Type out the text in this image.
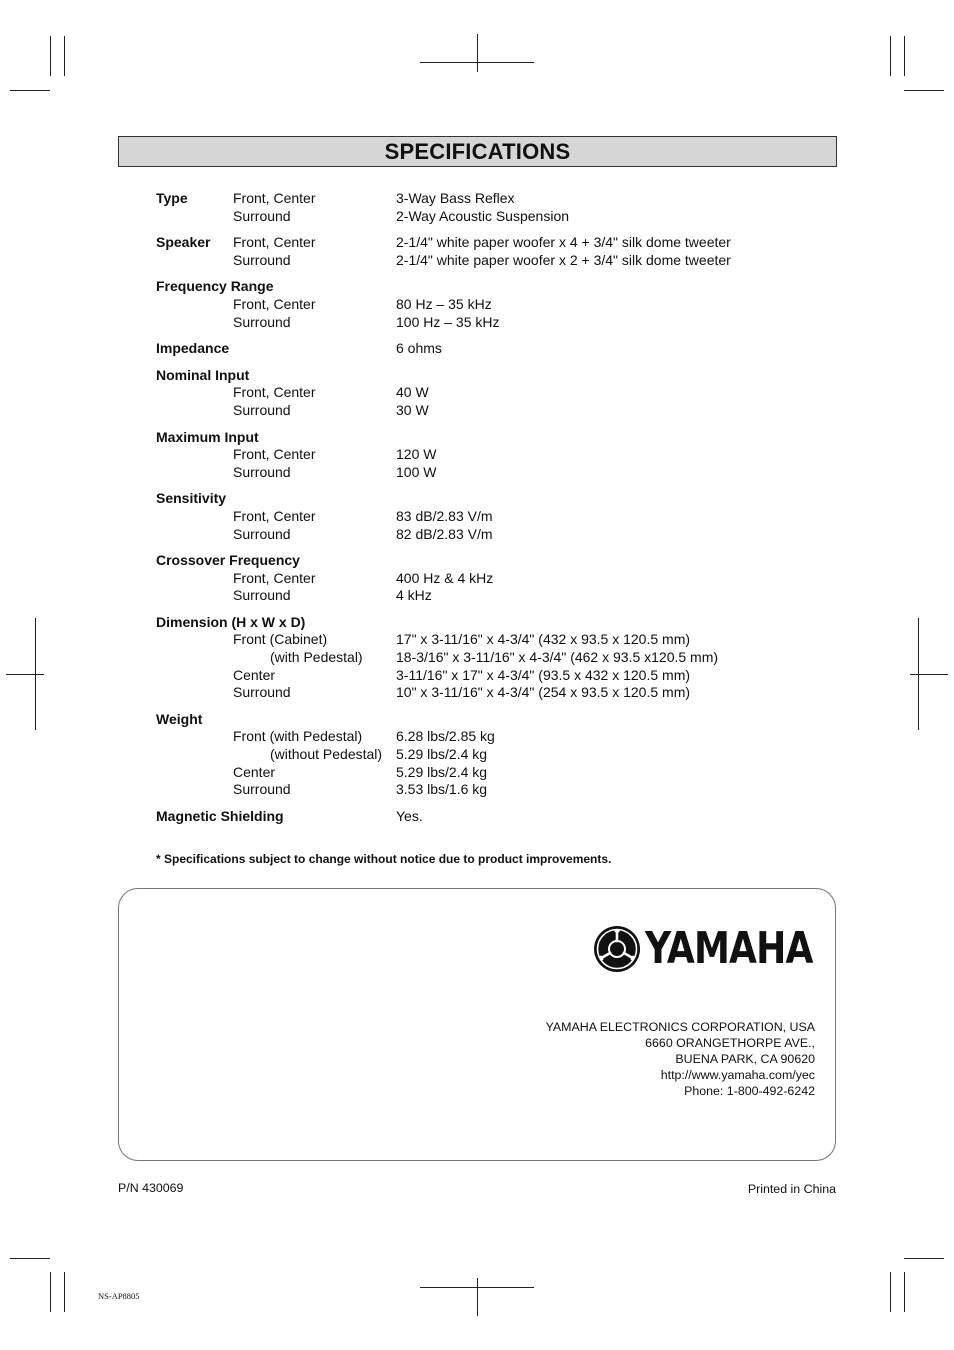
SPECIFICATIONS
Type	Front, Center	3-Way Bass Reflex
Surround	2-Way Acoustic Suspension
Speaker Front, Center	2-1/4" white paper woofer x 4 + 3/4" silk dome tweeter
Surround	2-1/4" white paper woofer x 2 + 3/4" silk dome tweeter
Frequency Range
Front, Center	80 Hz – 35 kHz
Surround	100 Hz – 35 kHz
Impedance	6 ohms
Nominal Input
Front, Center	40 W
Surround	30 W
Maximum Input
Front, Center	120 W
Surround	100 W
Sensitivity
Front, Center	83 dB/2.83 V/m
Surround	82 dB/2.83 V/m
Crossover Frequency
Front, Center	400 Hz & 4 kHz
Surround	4 kHz
Dimension (H x W x D)
Front (Cabinet)	17" x 3-11/16" x 4-3/4" (432 x 93.5 x 120.5 mm)
(with Pedestal) 18-3/16" x 3-11/16" x 4-3/4" (462 x 93.5 x120.5 mm)
Center	3-11/16" x 17" x 4-3/4" (93.5 x 432 x 120.5 mm)
Surround	10" x 3-11/16" x 4-3/4" (254 x 93.5 x 120.5 mm)
Weight
Front (with Pedestal) 6.28 lbs/2.85 kg
(without Pedestal) 5.29 lbs/2.4 kg
Center	5.29 lbs/2.4 kg
Surround	3.53 lbs/1.6 kg
Magnetic Shielding	Yes.
* Specifications subject to change without notice due to product improvements.
YAMAHA
YAMAHA ELECTRONICS CORPORATION, USA
6660 ORANGETHORPE AVE.,
BUENA PARK, CA 90620
http://www.yamaha.com/yec
Phone: 1-800-492-6242
P/N 430069	Printed in China
NS-AP8805
